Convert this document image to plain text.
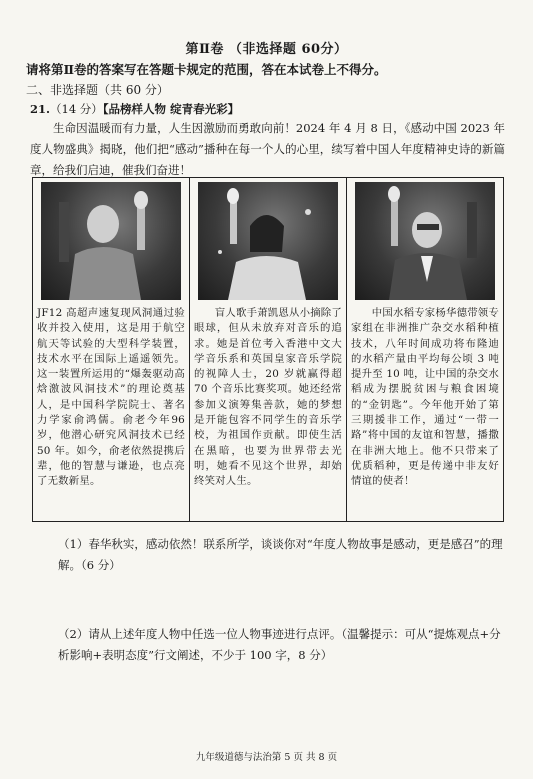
第Ⅱ卷 （非选择题 60分）
请将第Ⅱ卷的答案写在答题卡规定的范围，答在本试卷上不得分。
二、非选择题（共 60 分）
21.（14 分）【品榜样人物 绽青春光彩】
生命因温暖而有力量，人生因激励而勇敢向前！2024 年 4 月 8 日，《感动中国 2023 年度人物盛典》揭晓，他们把“感动”播种在每一个人的心里，续写着中国人年度精神史诗的新篇章，给我们启迪，催我们奋进！
JF12 高超声速复现风洞通过验收并投入使用，这是用于航空航天等试验的大型科学装置，技术水平在国际上遥遥领先。这一装置所运用的“爆轰驱动高焓激波风洞技术”的理论奠基人，是中国科学院院士、著名力学家俞鸿儒。俞老今年96岁，他潜心研究风洞技术已经50 年。如今，俞老依然提携后辈，他的智慧与谦逊，也点亮了无数新星。
盲人歌手萧凯恩从小摘除了眼球，但从未放弃对音乐的追求。她是首位考入香港中文大学音乐系和英国皇家音乐学院的视障人士，20 岁就赢得超 70 个音乐比赛奖项。她还经常参加义演筹集善款，她的梦想是开能包容不同学生的音乐学校，为祖国作贡献。即使生活在黑暗，也要为世界带去光明，她看不见这个世界，却始终笑对人生。
中国水稻专家杨华德带领专家组在非洲推广杂交水稻种植技术，八年时间成功将布隆迪的水稻产量由平均每公顷 3 吨提升至 10 吨，让中国的杂交水稻成为摆脱贫困与粮食困境的“金钥匙”。今年他开始了第三期援非工作，通过“一带一路”将中国的友谊和智慧，播撒在非洲大地上。他不只带来了优质稻种，更是传递中非友好情谊的使者！
（1）春华秋实，感动依然！联系所学，谈谈你对“年度人物故事是感动，更是感召”的理解。（6 分）
（2）请从上述年度人物中任选一位人物事迹进行点评。（温馨提示：可从“提炼观点+分析影响+表明态度”行文阐述，不少于 100 字，8 分）
九年级道德与法治第 5 页 共 8 页
